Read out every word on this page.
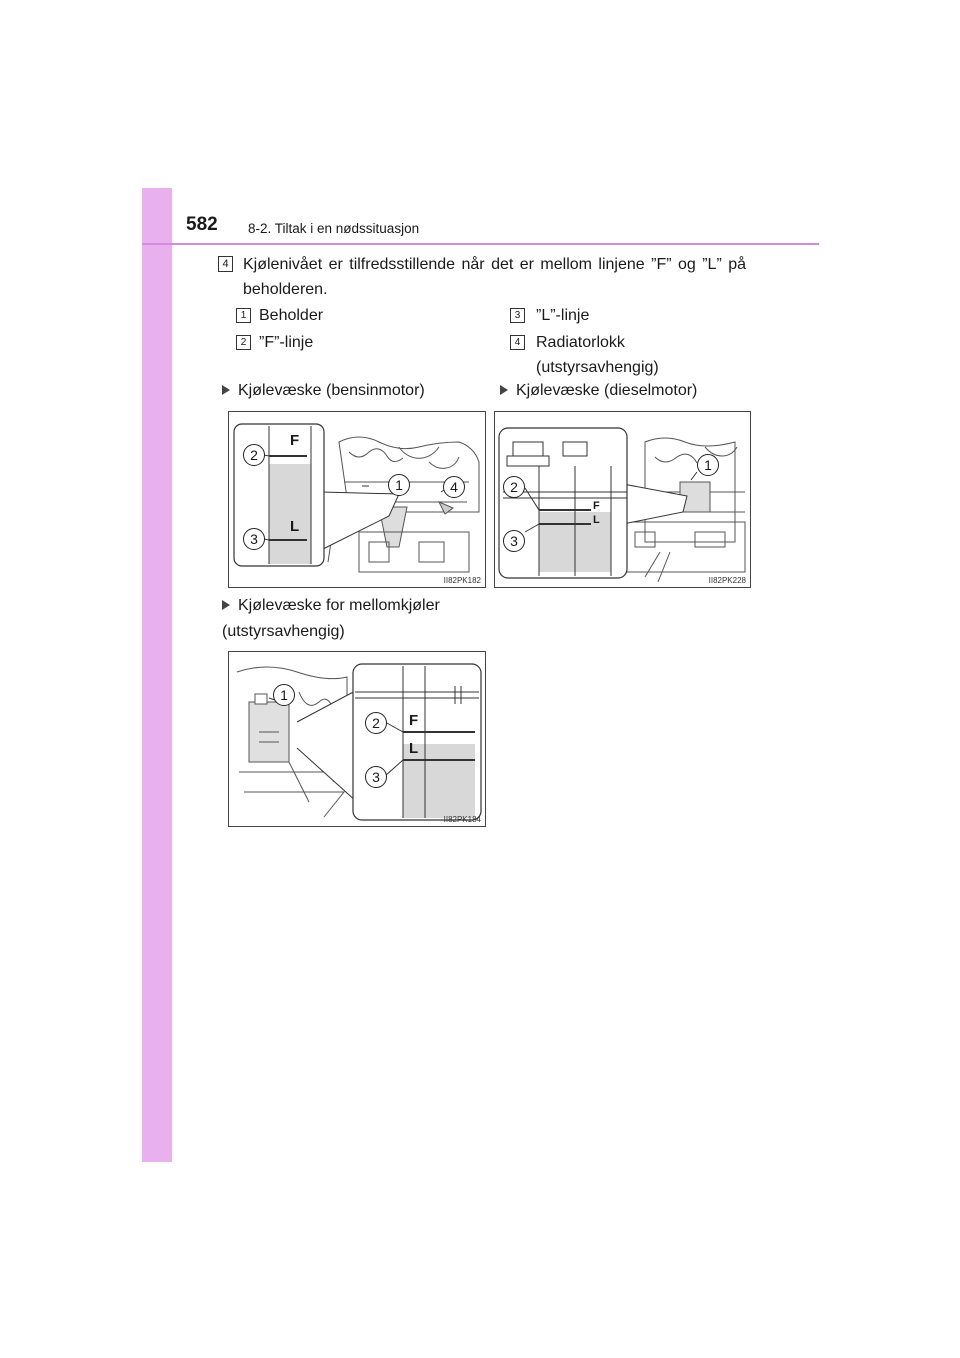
582 8-2. Tiltak i en nødssituasjon
4 Kjølenivået er tilfredsstillende når det er mellom linjene ”F” og ”L” på beholderen.
1 Beholder
2 ”F”-linje
3 ”L”-linje
4 Radiatorlokk (utstyrsavhengig)
Kjølevæske (bensinmotor)	Kjølevæske (dieselmotor)
Kjølevæske for mellomkjøler (utstyrsavhengig)
F
L
2
3
1	4
II82PK182
F
L
2
3
1
II82PK228
F
L
1
2
3
II82PK184
